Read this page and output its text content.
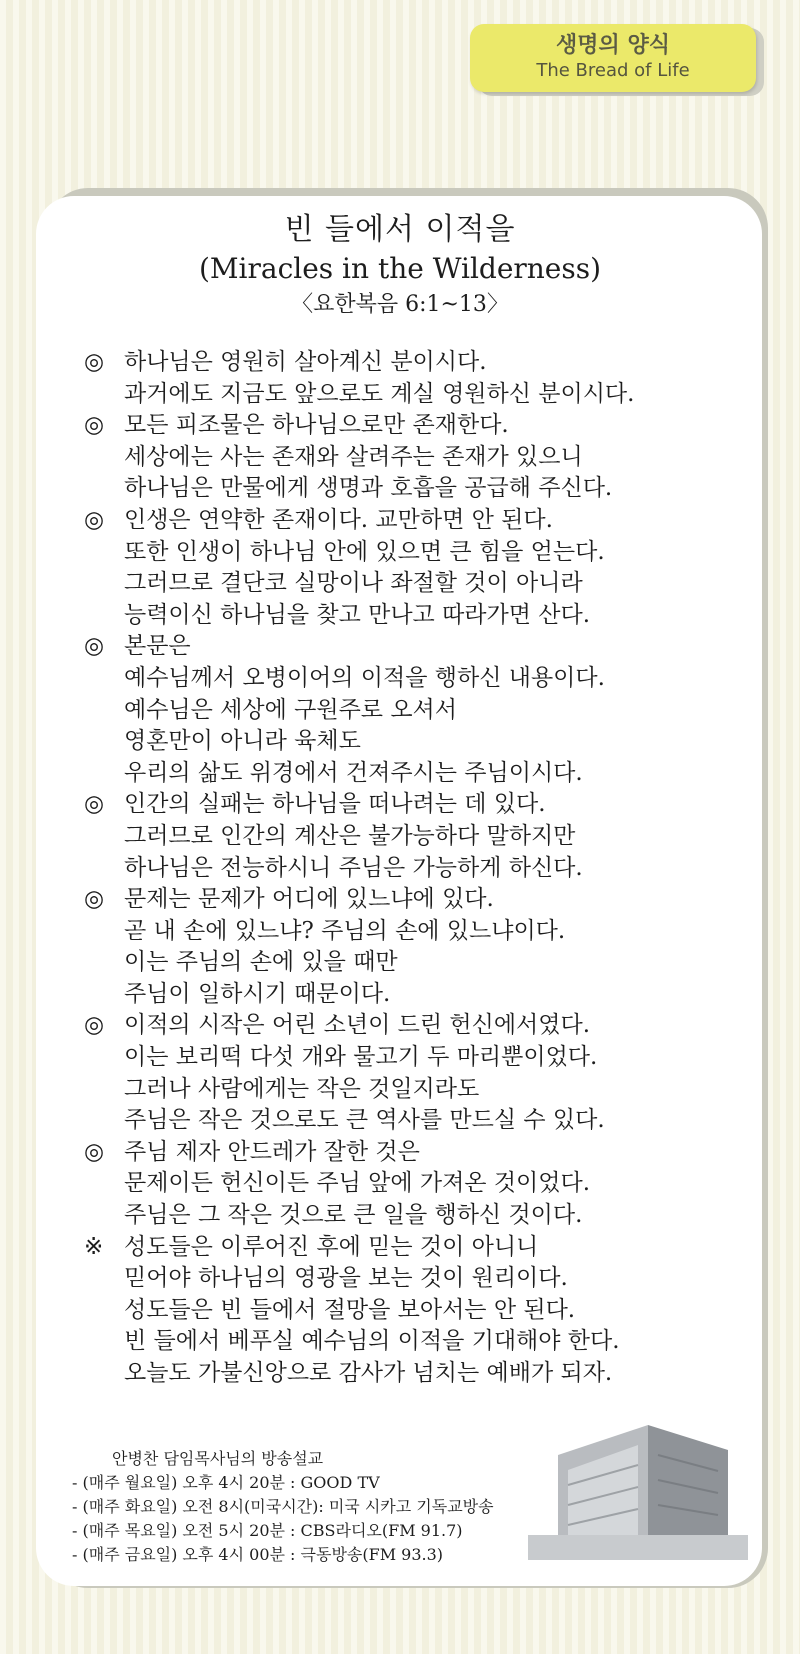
생명의 양식
The Bread of Life
빈 들에서 이적을
(Miracles in the Wilderness)
〈요한복음 6:1~13〉
◎ 하나님은 영원히 살아계신 분이시다.
과거에도 지금도 앞으로도 계실 영원하신 분이시다.
◎ 모든 피조물은 하나님으로만 존재한다.
세상에는 사는 존재와 살려주는 존재가 있으니
하나님은 만물에게 생명과 호흡을 공급해 주신다.
◎ 인생은 연약한 존재이다. 교만하면 안 된다.
또한 인생이 하나님 안에 있으면 큰 힘을 얻는다.
그러므로 결단코 실망이나 좌절할 것이 아니라
능력이신 하나님을 찾고 만나고 따라가면 산다.
◎ 본문은
예수님께서 오병이어의 이적을 행하신 내용이다.
예수님은 세상에 구원주로 오셔서
영혼만이 아니라 육체도
우리의 삶도 위경에서 건져주시는 주님이시다.
◎ 인간의 실패는 하나님을 떠나려는 데 있다.
그러므로 인간의 계산은 불가능하다 말하지만
하나님은 전능하시니 주님은 가능하게 하신다.
◎ 문제는 문제가 어디에 있느냐에 있다.
곧 내 손에 있느냐? 주님의 손에 있느냐이다.
이는 주님의 손에 있을 때만
주님이 일하시기 때문이다.
◎ 이적의 시작은 어린 소년이 드린 헌신에서였다.
이는 보리떡 다섯 개와 물고기 두 마리뿐이었다.
그러나 사람에게는 작은 것일지라도
주님은 작은 것으로도 큰 역사를 만드실 수 있다.
◎ 주님 제자 안드레가 잘한 것은
문제이든 헌신이든 주님 앞에 가져온 것이었다.
주님은 그 작은 것으로 큰 일을 행하신 것이다.
※ 성도들은 이루어진 후에 믿는 것이 아니니
믿어야 하나님의 영광을 보는 것이 원리이다.
성도들은 빈 들에서 절망을 보아서는 안 된다.
빈 들에서 베푸실 예수님의 이적을 기대해야 한다.
오늘도 가불신앙으로 감사가 넘치는 예배가 되자.
안병찬 담임목사님의 방송설교
- (매주 월요일) 오후 4시 20분 : GOOD TV
- (매주 화요일) 오전 8시(미국시간): 미국 시카고 기독교방송
- (매주 목요일) 오전 5시 20분 : CBS라디오(FM 91.7)
- (매주 금요일) 오후 4시 00분 : 극동방송(FM 93.3)
